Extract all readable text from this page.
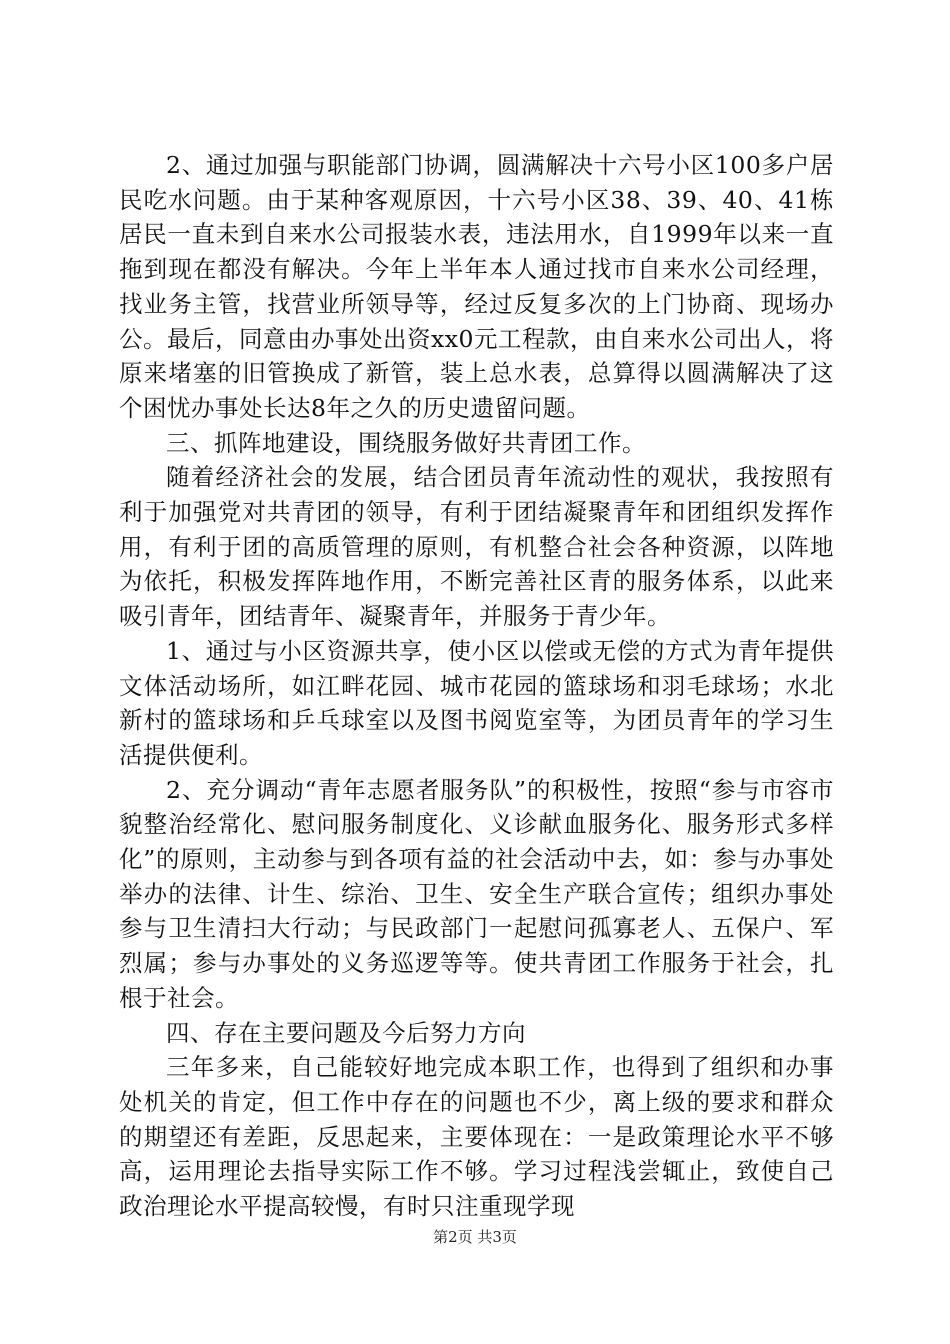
2、通过加强与职能部门协调，圆满解决十六号小区100多户居民吃水问题。由于某种客观原因，十六号小区38、39、40、41栋居民一直未到自来水公司报装水表，违法用水，自1999年以来一直拖到现在都没有解决。今年上半年本人通过找市自来水公司经理，找业务主管，找营业所领导等，经过反复多次的上门协商、现场办公。最后，同意由办事处出资xx0元工程款，由自来水公司出人，将原来堵塞的旧管换成了新管，装上总水表，总算得以圆满解决了这个困忧办事处长达8年之久的历史遗留问题。

三、抓阵地建设，围绕服务做好共青团工作。

随着经济社会的发展，结合团员青年流动性的观状，我按照有利于加强党对共青团的领导，有利于团结凝聚青年和团组织发挥作用，有利于团的高质管理的原则，有机整合社会各种资源，以阵地为依托，积极发挥阵地作用，不断完善社区青的服务体系，以此来吸引青年，团结青年、凝聚青年，并服务于青少年。

1、通过与小区资源共享，使小区以偿或无偿的方式为青年提供文体活动场所，如江畔花园、城市花园的篮球场和羽毛球场；水北新村的篮球场和乒乓球室以及图书阅览室等，为团员青年的学习生活提供便利。

2、充分调动“青年志愿者服务队”的积极性，按照“参与市容市貌整治经常化、慰问服务制度化、义诊献血服务化、服务形式多样化”的原则，主动参与到各项有益的社会活动中去，如：参与办事处举办的法律、计生、综治、卫生、安全生产联合宣传；组织办事处参与卫生清扫大行动；与民政部门一起慰问孤寡老人、五保户、军烈属；参与办事处的义务巡逻等等。使共青团工作服务于社会，扎根于社会。

四、存在主要问题及今后努力方向

三年多来，自己能较好地完成本职工作，也得到了组织和办事处机关的肯定，但工作中存在的问题也不少，离上级的要求和群众的期望还有差距，反思起来，主要体现在：一是政策理论水平不够高，运用理论去指导实际工作不够。学习过程浅尝辄止，致使自己政治理论水平提高较慢，有时只注重现学现

第2页 共3页
